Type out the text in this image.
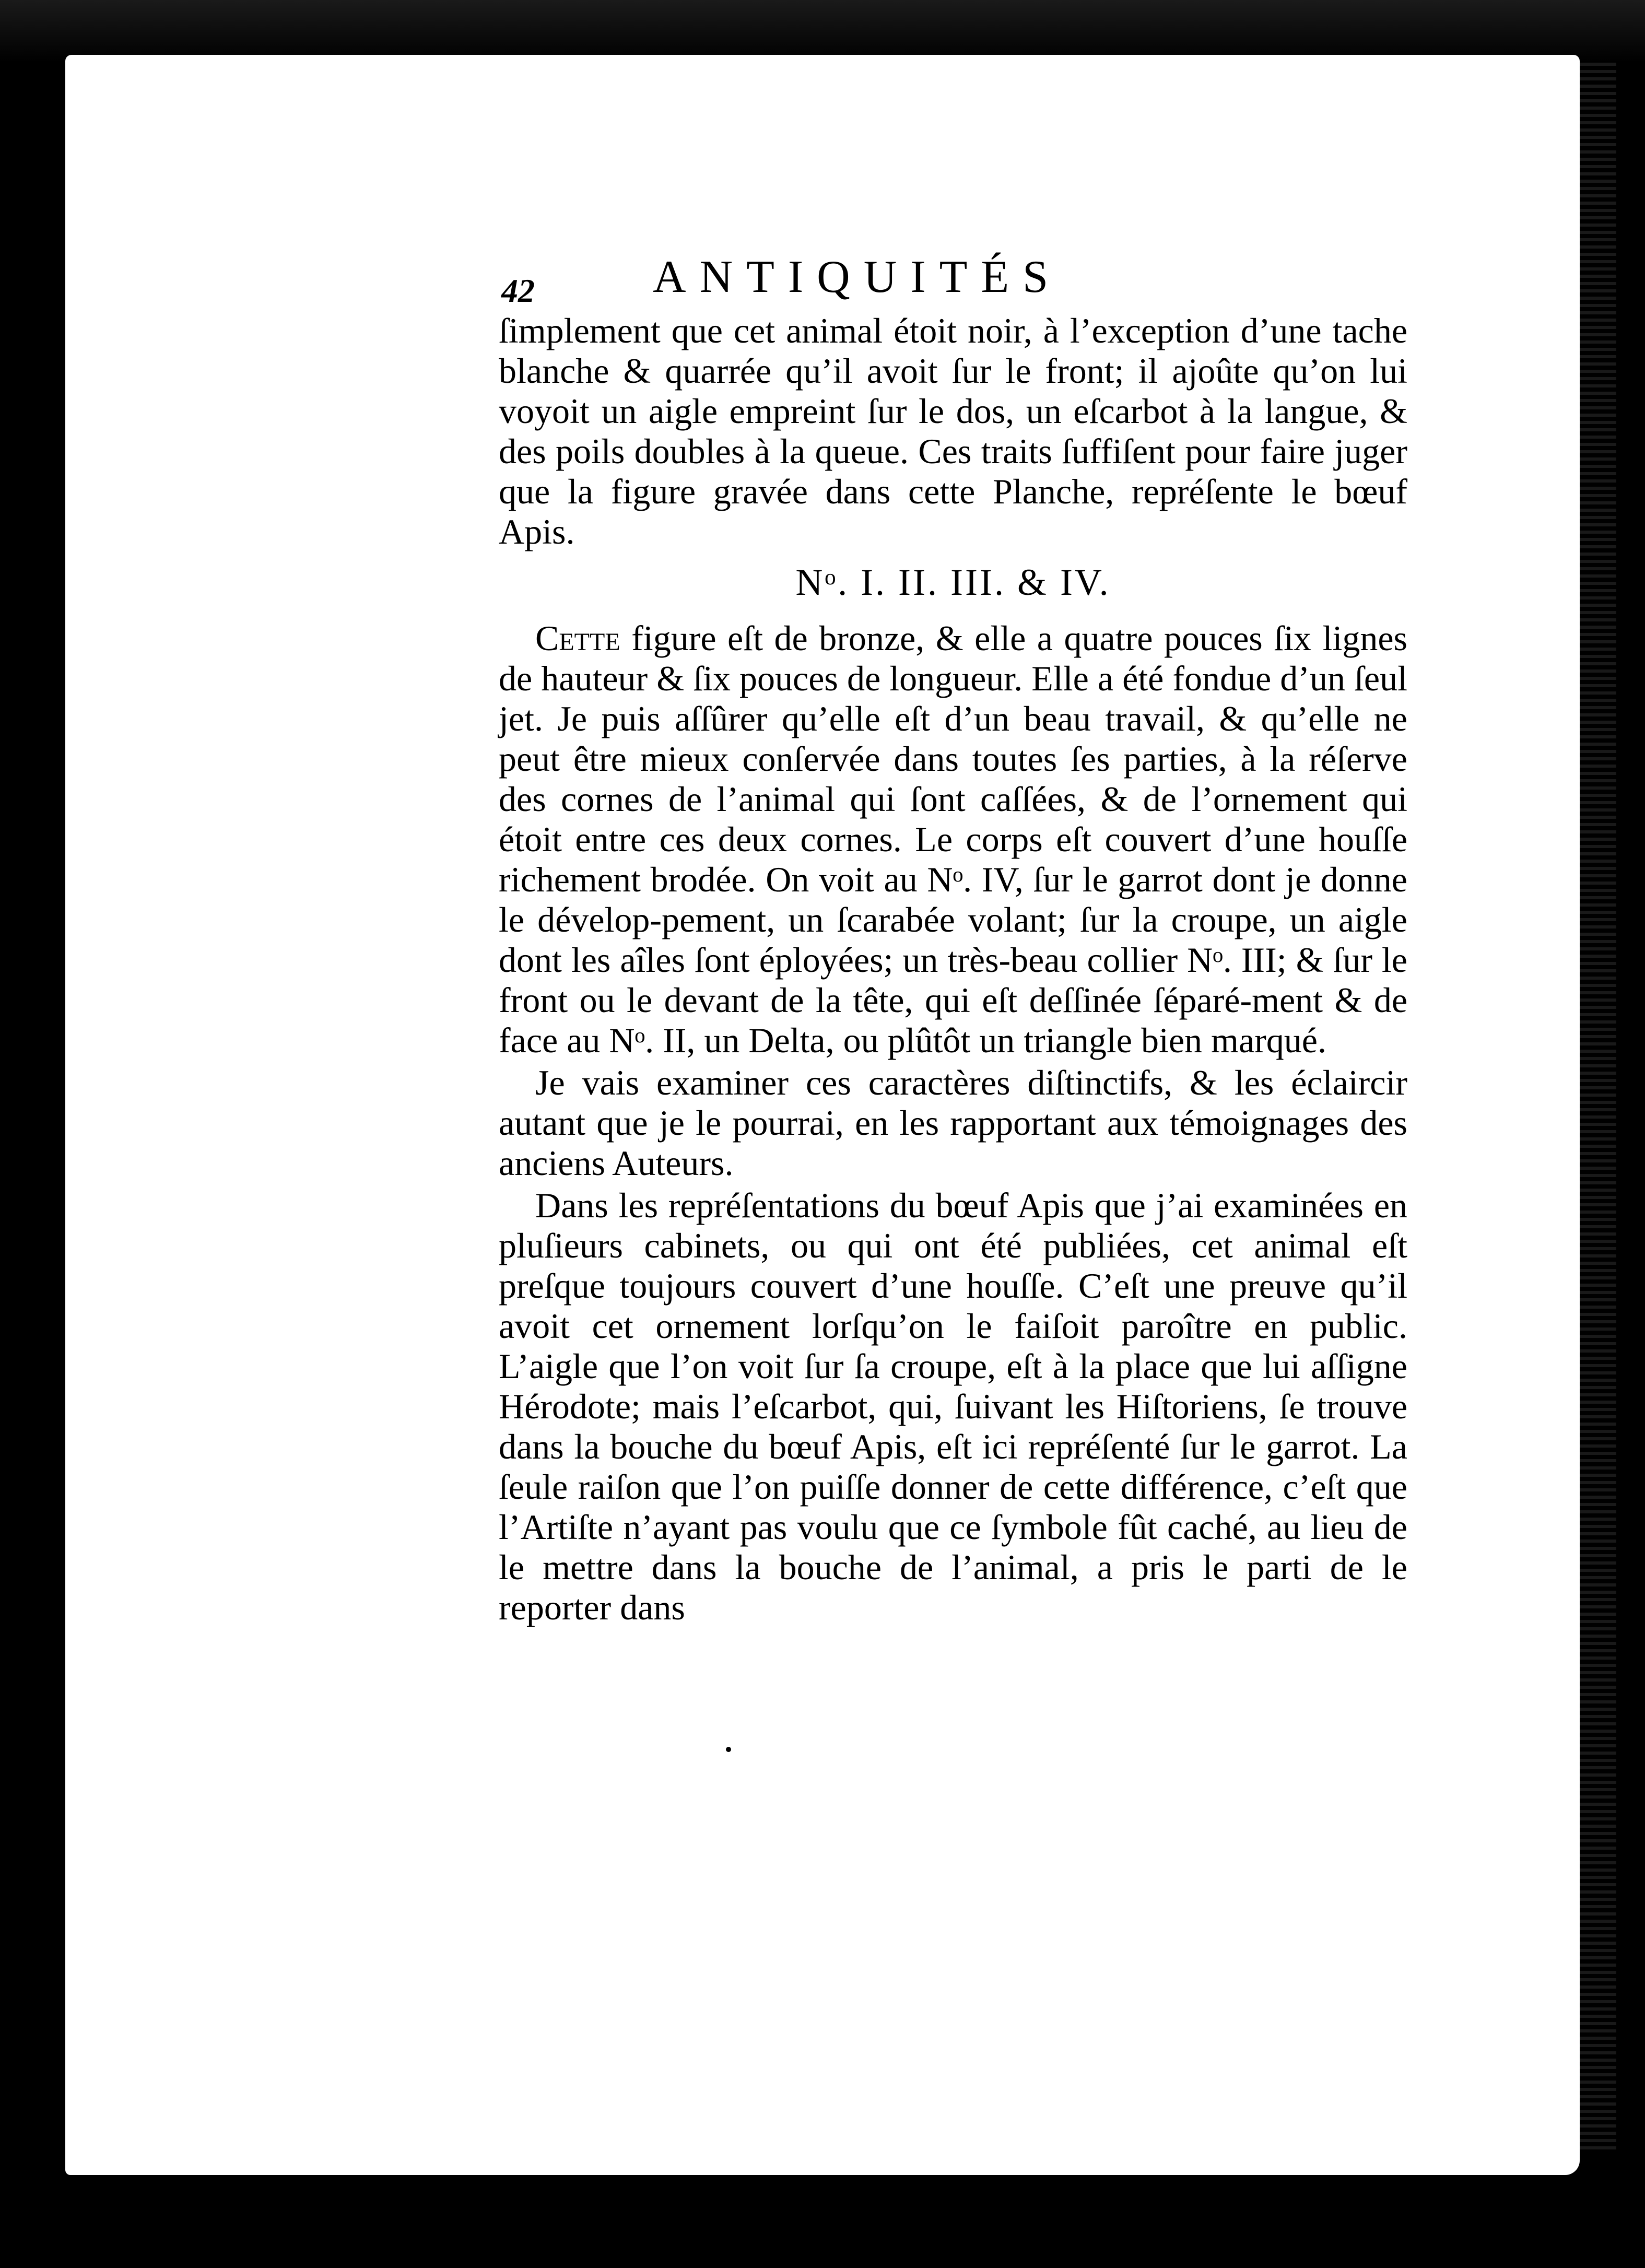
42	ANTIQUITÉS

ſimplement que cet animal étoit noir, à l’exception d’une tache blanche & quarrée qu’il avoit ſur le front; il ajoûte qu’on lui voyoit un aigle empreint ſur le dos, un eſcarbot à la langue, & des poils doubles à la queue. Ces traits ſuffiſent pour faire juger que la figure gravée dans cette Planche, repréſente le bœuf Apis.

Nᵒ. I. II. III. & IV.

Cette figure eſt de bronze, & elle a quatre pouces ſix lignes de hauteur & ſix pouces de longueur. Elle a été fondue d’un ſeul jet. Je puis aſſûrer qu’elle eſt d’un beau travail, & qu’elle ne peut être mieux conſervée dans toutes ſes parties, à la réſerve des cornes de l’animal qui ſont caſſées, & de l’ornement qui étoit entre ces deux cornes. Le corps eſt couvert d’une houſſe richement brodée. On voit au Nᵒ. IV, ſur le garrot dont je donne le dévelop-pement, un ſcarabée volant; ſur la croupe, un aigle dont les aîles ſont éployées; un très-beau collier Nᵒ. III; & ſur le front ou le devant de la tête, qui eſt deſſinée ſéparé-ment & de face au Nᵒ. II, un Delta, ou plûtôt un triangle bien marqué.

Je vais examiner ces caractères diſtinctifs, & les éclaircir autant que je le pourrai, en les rapportant aux témoignages des anciens Auteurs.

Dans les repréſentations du bœuf Apis que j’ai examinées en pluſieurs cabinets, ou qui ont été publiées, cet animal eſt preſque toujours couvert d’une houſſe. C’eſt une preuve qu’il avoit cet ornement lorſqu’on le faiſoit paroître en public. L’aigle que l’on voit ſur ſa croupe, eſt à la place que lui aſſigne Hérodote; mais l’eſcarbot, qui, ſuivant les Hiſtoriens, ſe trouve dans la bouche du bœuf Apis, eſt ici repréſenté ſur le garrot. La ſeule raiſon que l’on puiſſe donner de cette différence, c’eſt que l’Artiſte n’ayant pas voulu que ce ſymbole fût caché, au lieu de le mettre dans la bouche de l’animal, a pris le parti de le reporter dans
